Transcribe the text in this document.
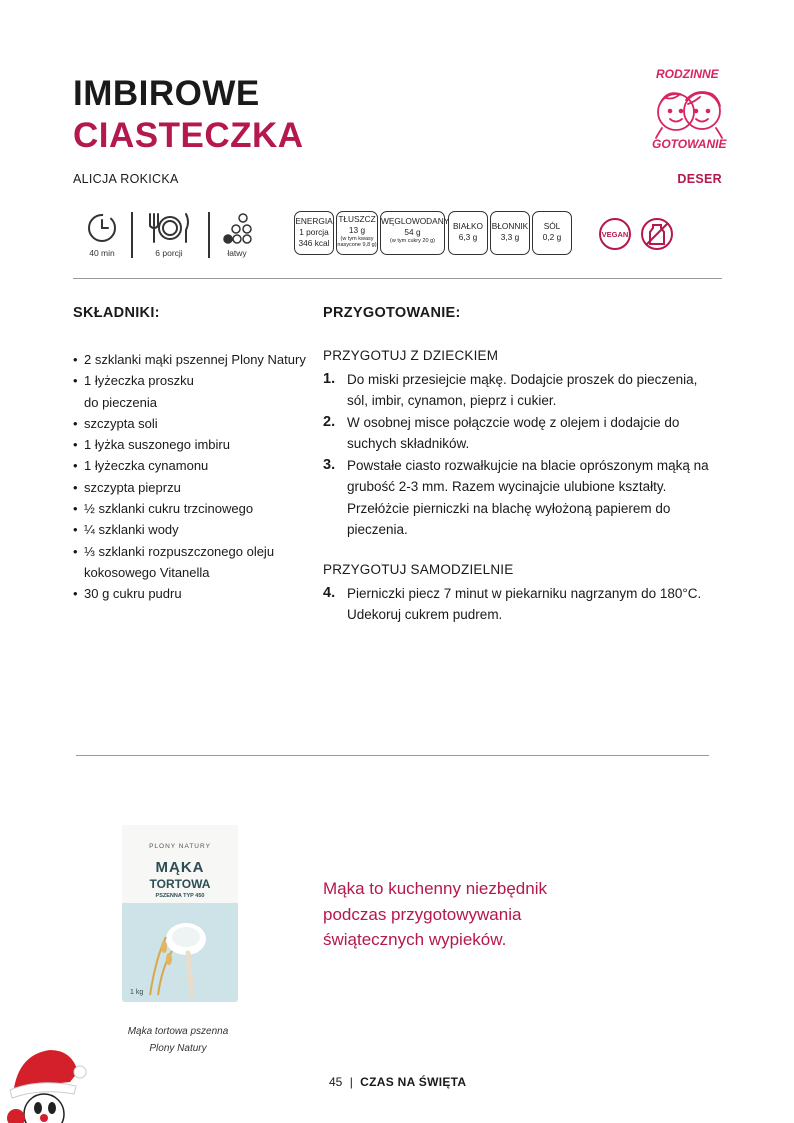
IMBIROWE
CIASTECZKA
ALICJA ROKICKA	DESER
RODZINNE
GOTOWANIE
40 min	6 porcji	łatwy
ENERGIA
1 porcja
346 kcal
TŁUSZCZ
13 g
(w tym kwasy
nasycone 9,8 g)
WĘGLOWODANY
54 g
(w tym cukry 20 g)
BIAŁKO
6,3 g
BŁONNIK
3,3 g
SÓL
0,2 g	VEGAN
SKŁADNIKI:
• 2 szklanki mąki pszennej Plony Natury
• 1 łyżeczka proszku do pieczenia
• szczypta soli
• 1 łyżka suszonego imbiru
• 1 łyżeczka cynamonu
• szczypta pieprzu
• ½ szklanki cukru trzcinowego
• ¼ szklanki wody
• ⅓ szklanki rozpuszczonego oleju kokosowego Vitanella
• 30 g cukru pudru
PRZYGOTOWANIE:
PRZYGOTUJ Z DZIECKIEM
1. Do miski przesiejcie mąkę. Dodajcie proszek do pieczenia, sól, imbir, cynamon, pieprz i cukier.
2. W osobnej misce połączcie wodę z olejem i dodajcie do suchych składników.
3. Powstałe ciasto rozwałkujcie na blacie oprószonym mąką na grubość 2-3 mm. Razem wycinajcie ulubione kształty. Przełóżcie pierniczki na blachę wyłożoną papierem do pieczenia.
PRZYGOTUJ SAMODZIELNIE
4. Pierniczki piecz 7 minut w piekarniku nagrzanym do 180°C. Udekoruj cukrem pudrem.
PLONY NATURY
MĄKA
TORTOWA
PSZENNA TYP 450
1 kg
Mąka tortowa pszenna
Plony Natury
Mąka to kuchenny niezbędnik
podczas przygotowywania
świątecznych wypieków.
45 | CZAS NA ŚWIĘTA
